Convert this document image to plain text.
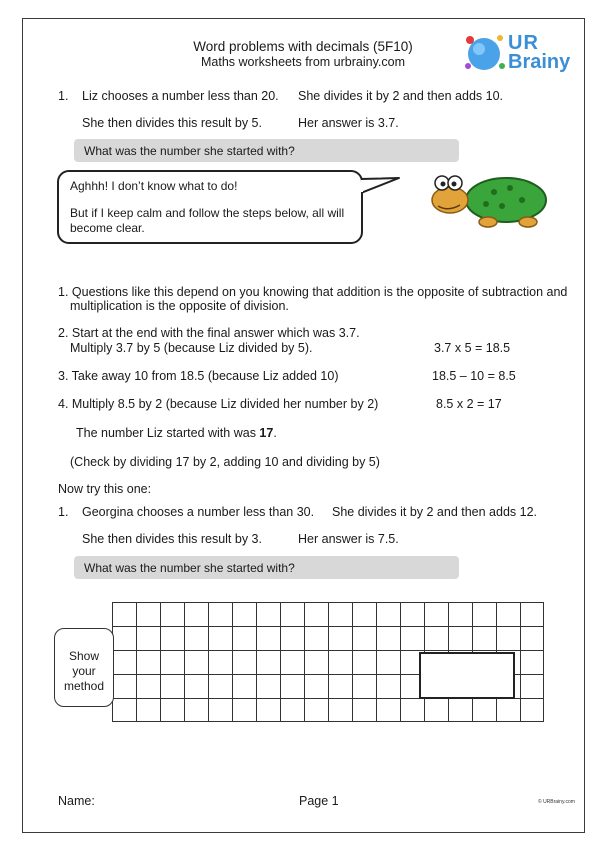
Word problems with decimals (5F10)
Maths worksheets from urbrainy.com
UR
Brainy
1. Liz chooses a number less than 20. She divides it by 2 and then adds 10.
She then divides this result by 5.	Her answer is 3.7.
What was the number she started with?
Aghhh! I don’t know what to do!
But if I keep calm and follow the steps below, all will
become clear.
1. Questions like this depend on you knowing that addition is the opposite of subtraction and
multiplication is the opposite of division.
2. Start at the end with the final answer which was 3.7.
Multiply 3.7 by 5 (because Liz divided by 5).	3.7 x 5 = 18.5
3. Take away 10 from 18.5 (because Liz added 10)	18.5 – 10 = 8.5
4. Multiply 8.5 by 2 (because Liz divided her number by 2)	8.5 x 2 = 17
The number Liz started with was 17.
(Check by dividing 17 by 2, adding 10 and dividing by 5)
Now try this one:
1. Georgina chooses a number less than 30. She divides it by 2 and then adds 12.
She then divides this result by 3.	Her answer is 7.5.
What was the number she started with?
Show
your
method
Name:	Page 1	© URBrainy.com
